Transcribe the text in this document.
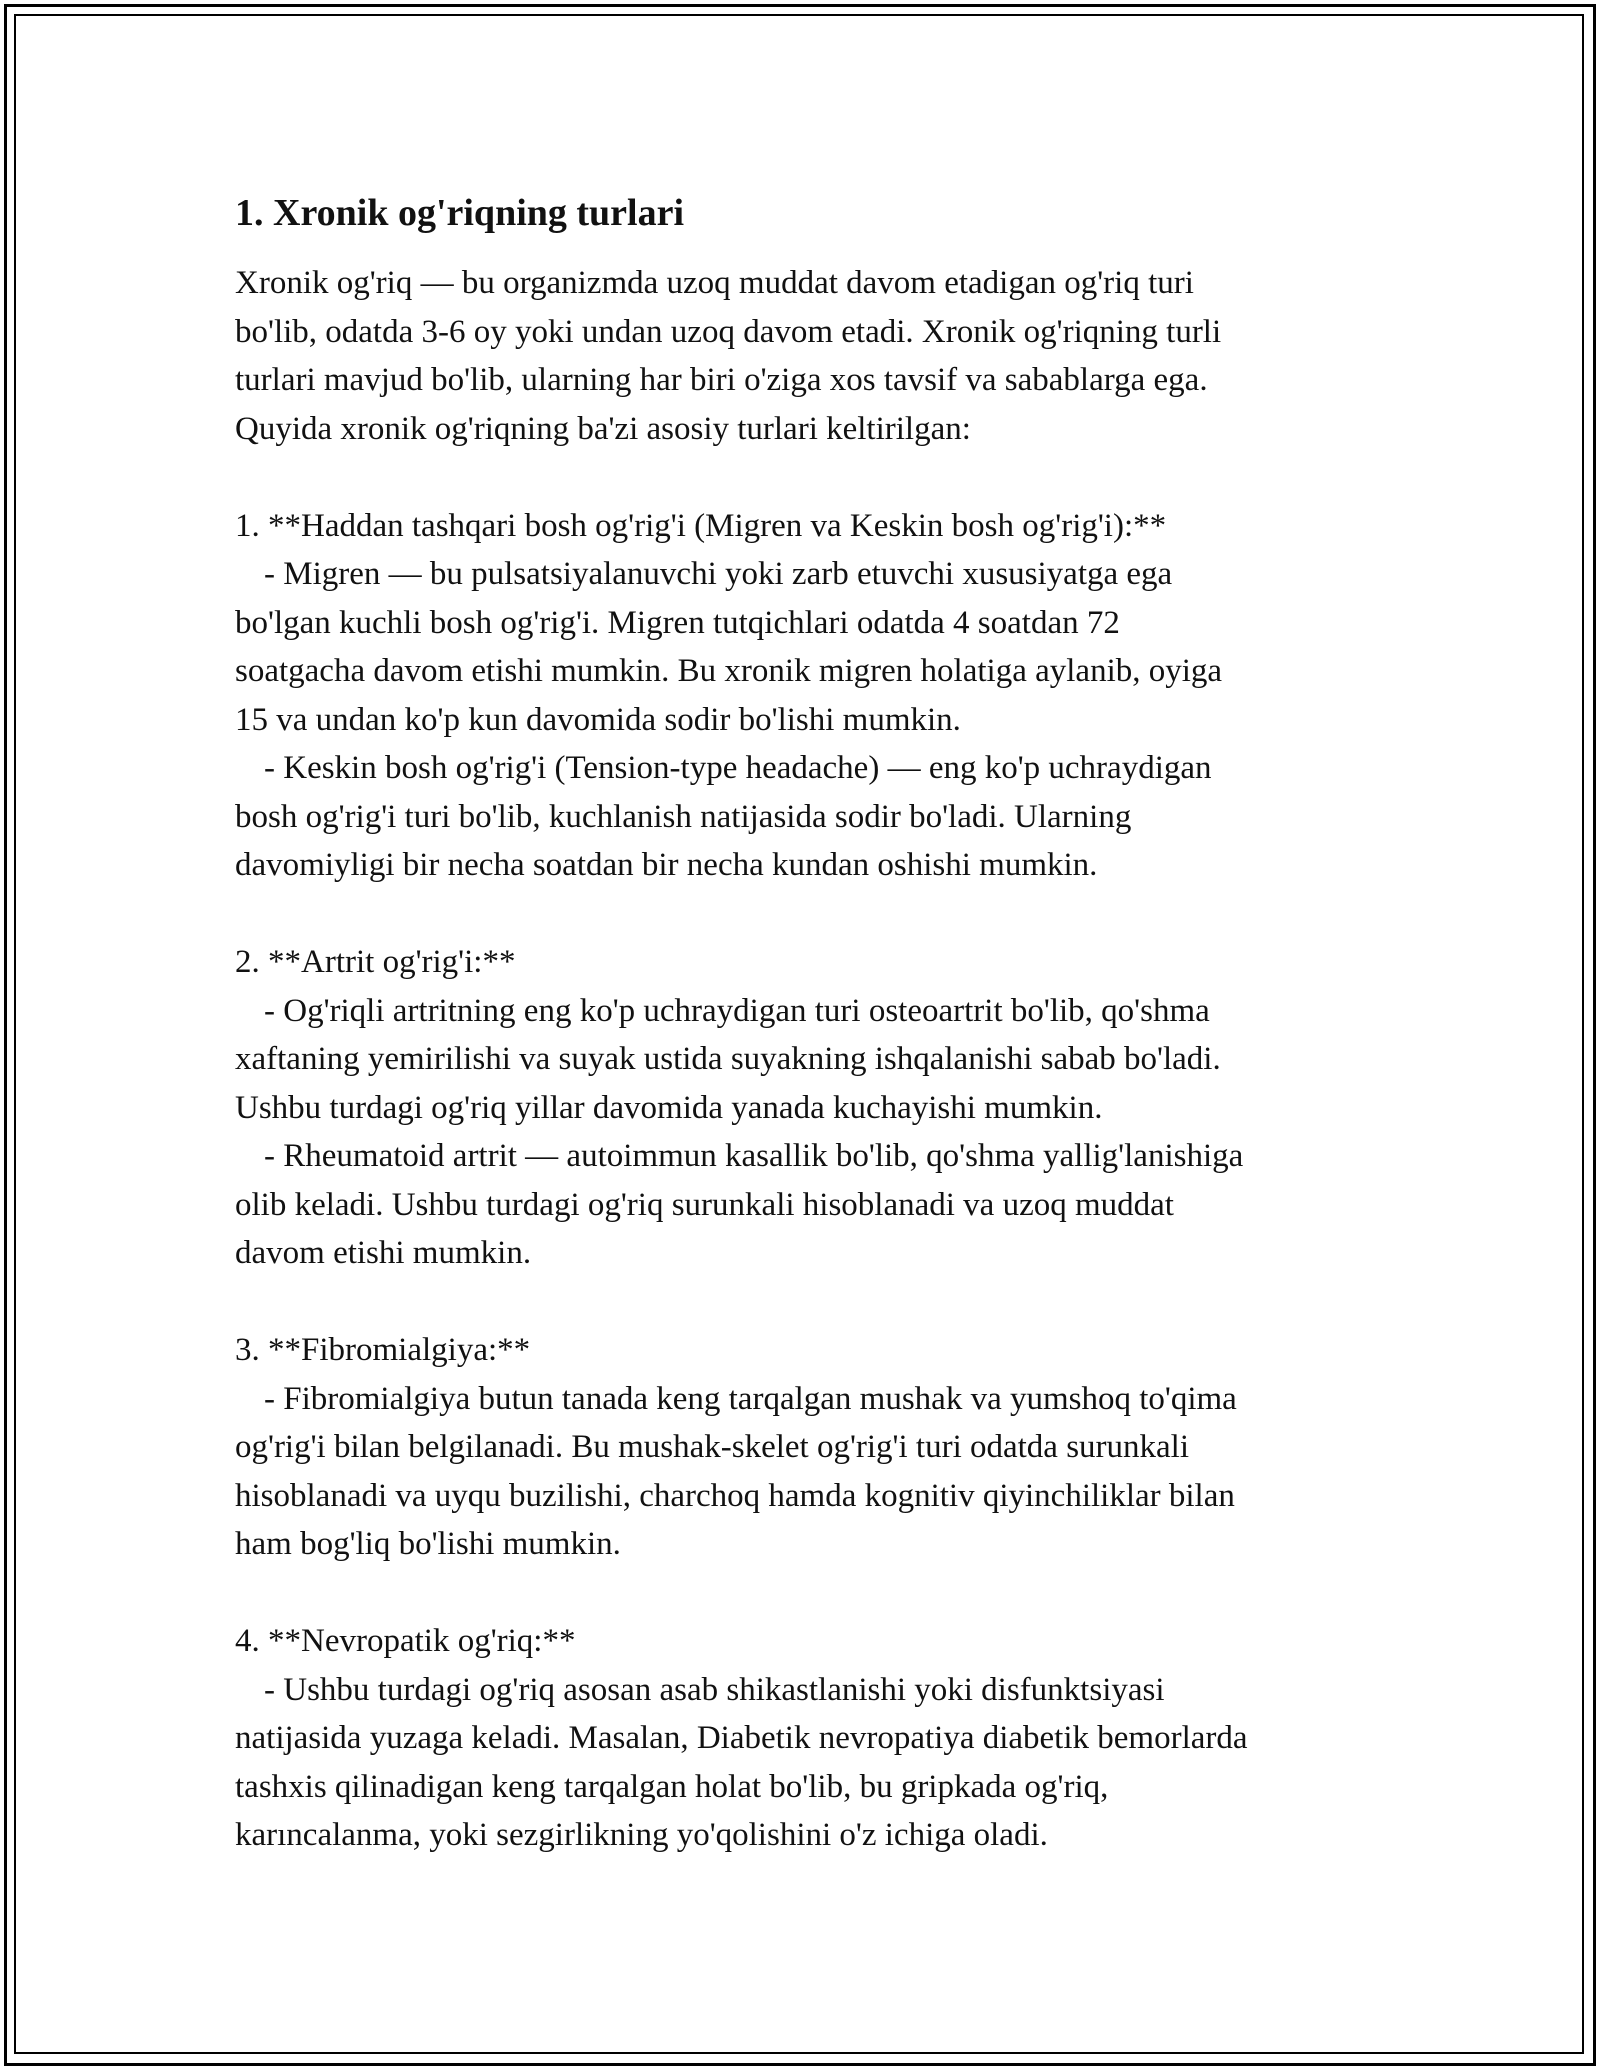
1. Xronik og'riqning turlari
Xronik og'riq — bu organizmda uzoq muddat davom etadigan og'riq turi
bo'lib, odatda 3-6 oy yoki undan uzoq davom etadi. Xronik og'riqning turli
turlari mavjud bo'lib, ularning har biri o'ziga xos tavsif va sabablarga ega.
Quyida xronik og'riqning ba'zi asosiy turlari keltirilgan:
1. **Haddan tashqari bosh og'rig'i (Migren va Keskin bosh og'rig'i):**
- Migren — bu pulsatsiyalanuvchi yoki zarb etuvchi xususiyatga ega
bo'lgan kuchli bosh og'rig'i. Migren tutqichlari odatda 4 soatdan 72
soatgacha davom etishi mumkin. Bu xronik migren holatiga aylanib, oyiga
15 va undan ko'p kun davomida sodir bo'lishi mumkin.
- Keskin bosh og'rig'i (Tension-type headache) — eng ko'p uchraydigan
bosh og'rig'i turi bo'lib, kuchlanish natijasida sodir bo'ladi. Ularning
davomiyligi bir necha soatdan bir necha kundan oshishi mumkin.
2. **Artrit og'rig'i:**
- Og'riqli artritning eng ko'p uchraydigan turi osteoartrit bo'lib, qo'shma
xaftaning yemirilishi va suyak ustida suyakning ishqalanishi sabab bo'ladi.
Ushbu turdagi og'riq yillar davomida yanada kuchayishi mumkin.
- Rheumatoid artrit — autoimmun kasallik bo'lib, qo'shma yallig'lanishiga
olib keladi. Ushbu turdagi og'riq surunkali hisoblanadi va uzoq muddat
davom etishi mumkin.
3. **Fibromialgiya:**
- Fibromialgiya butun tanada keng tarqalgan mushak va yumshoq to'qima
og'rig'i bilan belgilanadi. Bu mushak-skelet og'rig'i turi odatda surunkali
hisoblanadi va uyqu buzilishi, charchoq hamda kognitiv qiyinchiliklar bilan
ham bog'liq bo'lishi mumkin.
4. **Nevropatik og'riq:**
- Ushbu turdagi og'riq asosan asab shikastlanishi yoki disfunktsiyasi
natijasida yuzaga keladi. Masalan, Diabetik nevropatiya diabetik bemorlarda
tashxis qilinadigan keng tarqalgan holat bo'lib, bu gripkada og'riq,
karıncalanma, yoki sezgirlikning yo'qolishini o'z ichiga oladi.
